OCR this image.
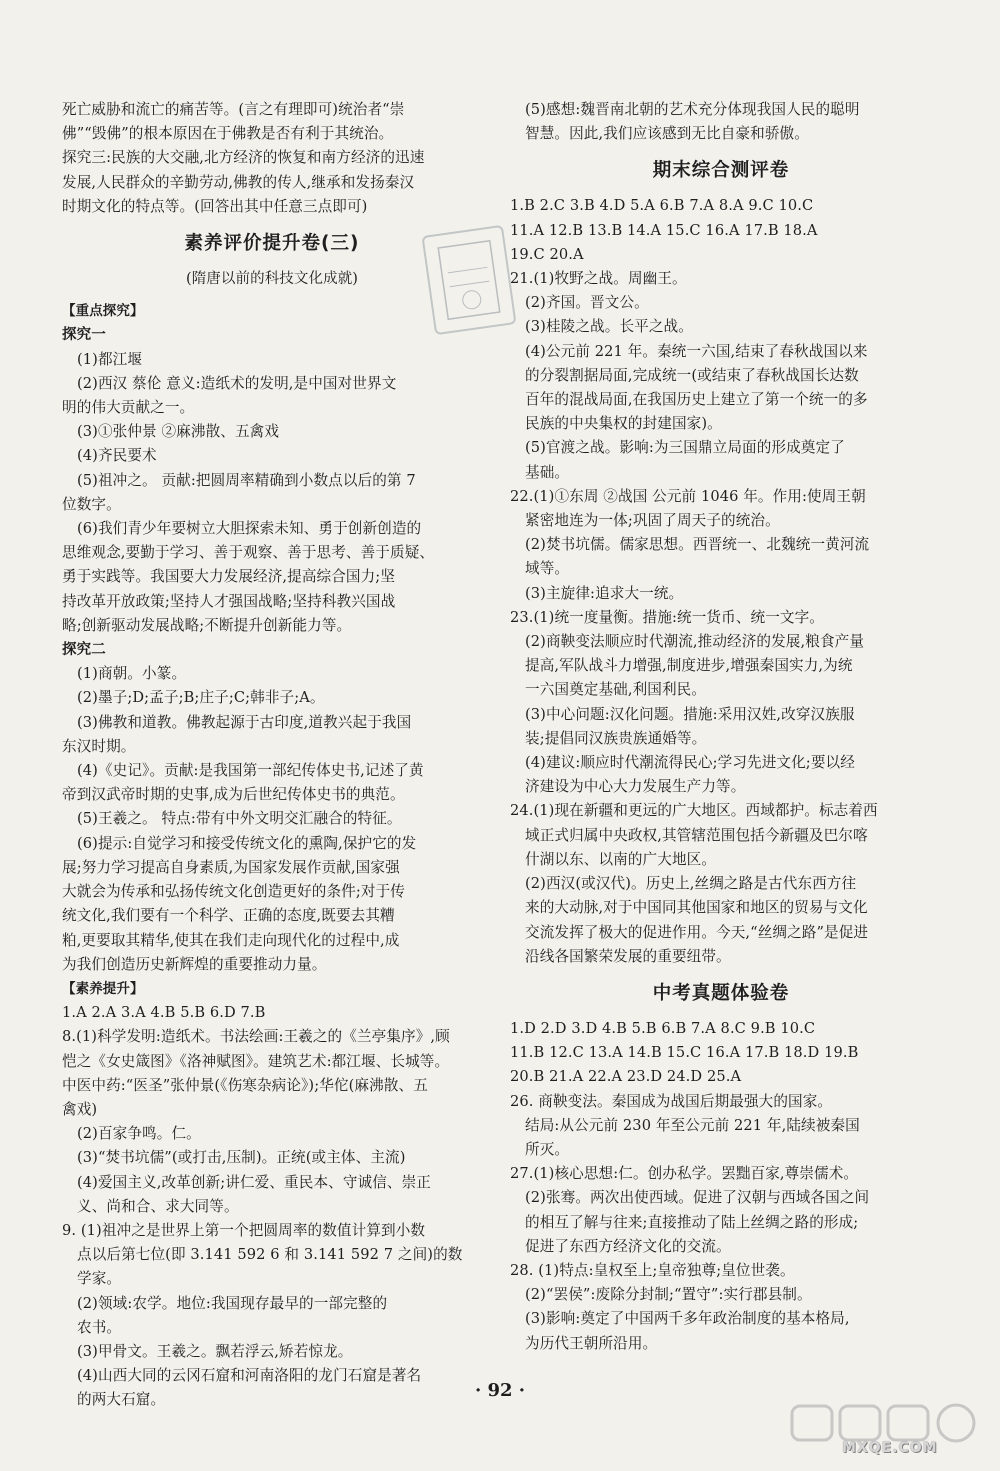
死亡威胁和流亡的痛苦等。(言之有理即可)统治者“崇
佛”“毁佛”的根本原因在于佛教是否有利于其统治。
探究三:民族的大交融,北方经济的恢复和南方经济的迅速
发展,人民群众的辛勤劳动,佛教的传人,继承和发扬秦汉
时期文化的特点等。(回答出其中任意三点即可)
素养评价提升卷(三)
(隋唐以前的科技文化成就)
【重点探究】
探究一
(1)都江堰
(2)西汉 蔡伦 意义:造纸术的发明,是中国对世界文
明的伟大贡献之一。
(3)①张仲景 ②麻沸散、五禽戏
(4)齐民要术
(5)祖冲之。 贡献:把圆周率精确到小数点以后的第 7
位数字。
(6)我们青少年要树立大胆探索未知、勇于创新创造的
思维观念,要勤于学习、善于观察、善于思考、善于质疑、
勇于实践等。我国要大力发展经济,提高综合国力;坚
持改革开放政策;坚持人才强国战略;坚持科教兴国战
略;创新驱动发展战略;不断提升创新能力等。
探究二
(1)商朝。小篆。
(2)墨子;D;孟子;B;庄子;C;韩非子;A。
(3)佛教和道教。佛教起源于古印度,道教兴起于我国
东汉时期。
(4)《史记》。贡献:是我国第一部纪传体史书,记述了黄
帝到汉武帝时期的史事,成为后世纪传体史书的典范。
(5)王羲之。 特点:带有中外文明交汇融合的特征。
(6)提示:自觉学习和接受传统文化的熏陶,保护它的发
展;努力学习提高自身素质,为国家发展作贡献,国家强
大就会为传承和弘扬传统文化创造更好的条件;对于传
统文化,我们要有一个科学、正确的态度,既要去其糟
粕,更要取其精华,使其在我们走向现代化的过程中,成
为我们创造历史新辉煌的重要推动力量。
【素养提升】
1.A 2.A 3.A 4.B 5.B 6.D 7.B
8.(1)科学发明:造纸术。书法绘画:王羲之的《兰亭集序》,顾
恺之《女史箴图》《洛神赋图》。建筑艺术:都江堰、长城等。
中医中药:“医圣”张仲景(《伤寒杂病论》);华佗(麻沸散、五
禽戏)
(2)百家争鸣。仁。
(3)“焚书坑儒”(或打击,压制)。正统(或主体、主流)
(4)爱国主义,改革创新;讲仁爱、重民本、守诚信、崇正
义、尚和合、求大同等。
9. (1)祖冲之是世界上第一个把圆周率的数值计算到小数
点以后第七位(即 3.141 592 6 和 3.141 592 7 之间)的数
学家。
(2)领域:农学。地位:我国现存最早的一部完整的
农书。
(3)甲骨文。王羲之。飘若浮云,矫若惊龙。
(4)山西大同的云冈石窟和河南洛阳的龙门石窟是著名
的两大石窟。
(5)感想:魏晋南北朝的艺术充分体现我国人民的聪明
智慧。因此,我们应该感到无比自豪和骄傲。
期末综合测评卷
1.B 2.C 3.B 4.D 5.A 6.B 7.A 8.A 9.C 10.C
11.A 12.B 13.B 14.A 15.C 16.A 17.B 18.A
19.C 20.A
21.(1)牧野之战。周幽王。
(2)齐国。晋文公。
(3)桂陵之战。长平之战。
(4)公元前 221 年。秦统一六国,结束了春秋战国以来
的分裂割据局面,完成统一(或结束了春秋战国长达数
百年的混战局面,在我国历史上建立了第一个统一的多
民族的中央集权的封建国家)。
(5)官渡之战。影响:为三国鼎立局面的形成奠定了
基础。
22.(1)①东周 ②战国 公元前 1046 年。作用:使周王朝
紧密地连为一体;巩固了周天子的统治。
(2)焚书坑儒。儒家思想。西晋统一、北魏统一黄河流
域等。
(3)主旋律:追求大一统。
23.(1)统一度量衡。措施:统一货币、统一文字。
(2)商鞅变法顺应时代潮流,推动经济的发展,粮食产量
提高,军队战斗力增强,制度进步,增强秦国实力,为统
一六国奠定基础,利国利民。
(3)中心问题:汉化问题。措施:采用汉姓,改穿汉族服
装;提倡同汉族贵族通婚等。
(4)建议:顺应时代潮流得民心;学习先进文化;要以经
济建设为中心大力发展生产力等。
24.(1)现在新疆和更远的广大地区。西域都护。标志着西
域正式归属中央政权,其管辖范围包括今新疆及巴尔喀
什湖以东、以南的广大地区。
(2)西汉(或汉代)。历史上,丝绸之路是古代东西方往
来的大动脉,对于中国同其他国家和地区的贸易与文化
交流发挥了极大的促进作用。今天,“丝绸之路”是促进
沿线各国繁荣发展的重要纽带。
中考真题体验卷
1.D 2.D 3.D 4.B 5.B 6.B 7.A 8.C 9.B 10.C
11.B 12.C 13.A 14.B 15.C 16.A 17.B 18.D 19.B
20.B 21.A 22.A 23.D 24.D 25.A
26. 商鞅变法。秦国成为战国后期最强大的国家。
结局:从公元前 230 年至公元前 221 年,陆续被秦国
所灭。
27.(1)核心思想:仁。创办私学。罢黜百家,尊崇儒术。
(2)张骞。两次出使西域。促进了汉朝与西域各国之间
的相互了解与往来;直接推动了陆上丝绸之路的形成;
促进了东西方经济文化的交流。
28. (1)特点:皇权至上;皇帝独尊;皇位世袭。
(2)“罢侯”:废除分封制;“置守”:实行郡县制。
(3)影响:奠定了中国两千多年政治制度的基本格局,
为历代王朝所沿用。
· 92 ·
MXQE.COM
